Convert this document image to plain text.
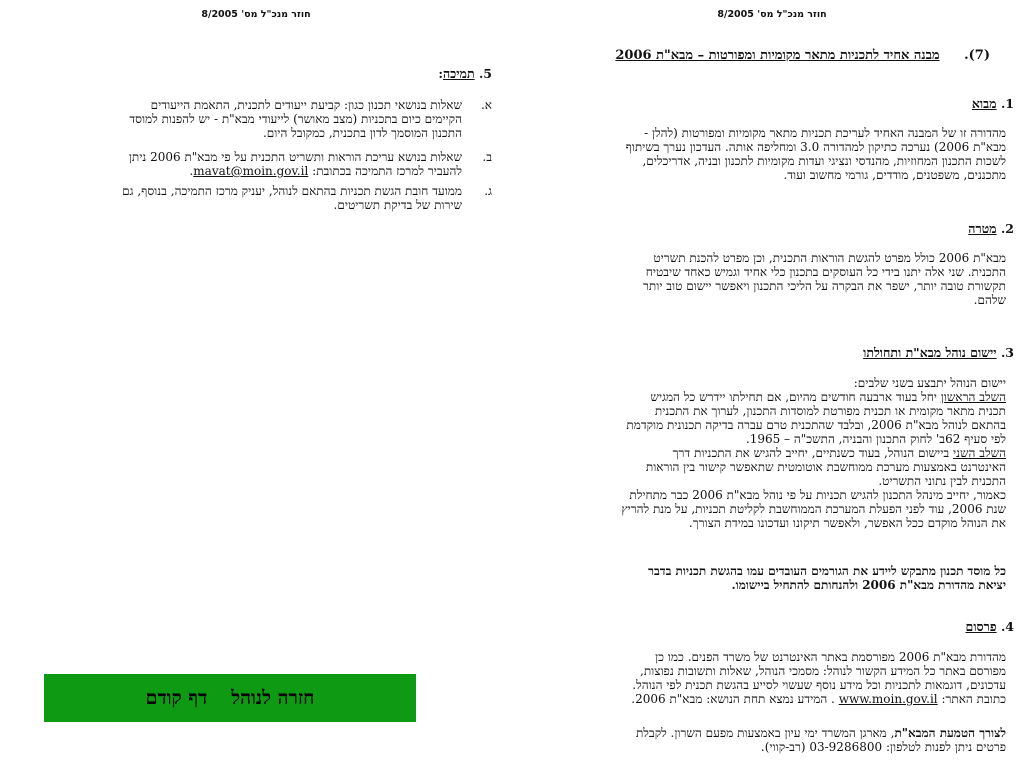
חוזר מנכ"ל מס' 8/2005
5. תמיכה:
א.
שאלות בנושאי תכנון כגון: קביעת ייעודים לתכנית, התאמת הייעודים
הקיימים כיום בתכניות (מצב מאושר) לייעודי מבא"ת - יש להפנות למוסד
התכנון המוסמך לדון בתכנית, כמקובל היום.
ב.
שאלות בנושא עריכת הוראות ותשריט התכנית על פי מבא"ת 2006 ניתן
להעביר למרכז התמיכה בכתובת: mavat@moin.gov.il.
ג.
ממועד חובת הגשת תכניות בהתאם לנוהל, יעניק מרכז התמיכה, בנוסף, גם
שירות של בדיקת תשריטים.
חזרה לנוהל
דף קודם
חוזר מנכ"ל מס' 8/2005
(7). מבנה אחיד לתכניות מתאר מקומיות ומפורטות – מבא"ת 2006
1. מבוא

מהדורה זו של המבנה האחיד לעריכת תכניות מתאר מקומיות ומפורטות (להלן -
מבא"ת 2006) נערכה כתיקון למהדורה 3.0 ומחליפה אותה. העדכון נערך בשיתוף
לשכות התכנון המחוזיות, מהנדסי ונציגי ועדות מקומיות לתכנון ובניה, אדריכלים,
מתכננים, משפטנים, מודדים, גורמי מחשוב ועוד.

2. מטרה

מבא"ת 2006 כולל מפרט להגשת הוראות התכנית, וכן מפרט להכנת תשריט
התכנית. שני אלה יתנו בידי כל העוסקים בתכנון כלי אחיד וגמיש כאחד שיבטיח
תקשורת טובה יותר, ישפר את הבקרה על הליכי התכנון ויאפשר יישום טוב יותר
שלהם.

3. יישום נוהל מבא"ת ותחולתו

יישום הנוהל יתבצע בשני שלבים:
השלב הראשון יחל בעוד ארבעה חודשים מהיום, אם תחילתו יידרש כל המגיש
תכנית מתאר מקומית או תכנית מפורטת למוסדות התכנון, לערוך את התכנית
בהתאם לנוהל מבא"ת 2006, ובלבד שהתכנית טרם עברה בדיקה תכנונית מוקדמת
לפי סעיף 62ב' לחוק התכנון והבניה, התשכ"ה – 1965.
השלב השני ביישום הנוהל, בעוד כשנתיים, יחייב להגיש את התכניות דרך
האינטרנט באמצעות מערכת ממוחשבת אוטומטית שתאפשר קישור בין הוראות
התכנית לבין נתוני התשריט.
כאמור, יחייב מינהל התכנון להגיש תכניות על פי נוהל מבא"ת 2006 כבר מתחילת
שנת 2006, עוד לפני הפעלת המערכת הממוחשבת לקליטת תכניות, על מנת להריץ
את הנוהל מוקדם ככל האפשר, ולאפשר תיקונו ועדכונו במידת הצורך.

כל מוסד תכנון מתבקש ליידע את הגורמים העובדים עמו בהגשת תכניות בדבר
יציאת מהדורת מבא"ת 2006 ולהנחותם להתחיל ביישומו.

4. פרסום

מהדורת מבא"ת 2006 מפורסמת באתר האינטרנט של משרד הפנים. כמו כן
מפורסם באתר כל המידע הקשור לנוהל: מסמכי הנוהל, שאלות ותשובות נפוצות,
עדכונים, דוגמאות לתכניות וכל מידע נוסף שעשוי לסייע בהגשת תכנית לפי הנוהל.
כתובת האתר: www.moin.gov.il . המידע נמצא תחת הנושא: מבא"ת 2006.

לצורך הטמעת המבא"ת, מארגן המשרד ימי עיון באמצעות מפעם השרון. לקבלת
פרטים ניתן לפנות לטלפון: 03-9286800 (רב-קווי).
